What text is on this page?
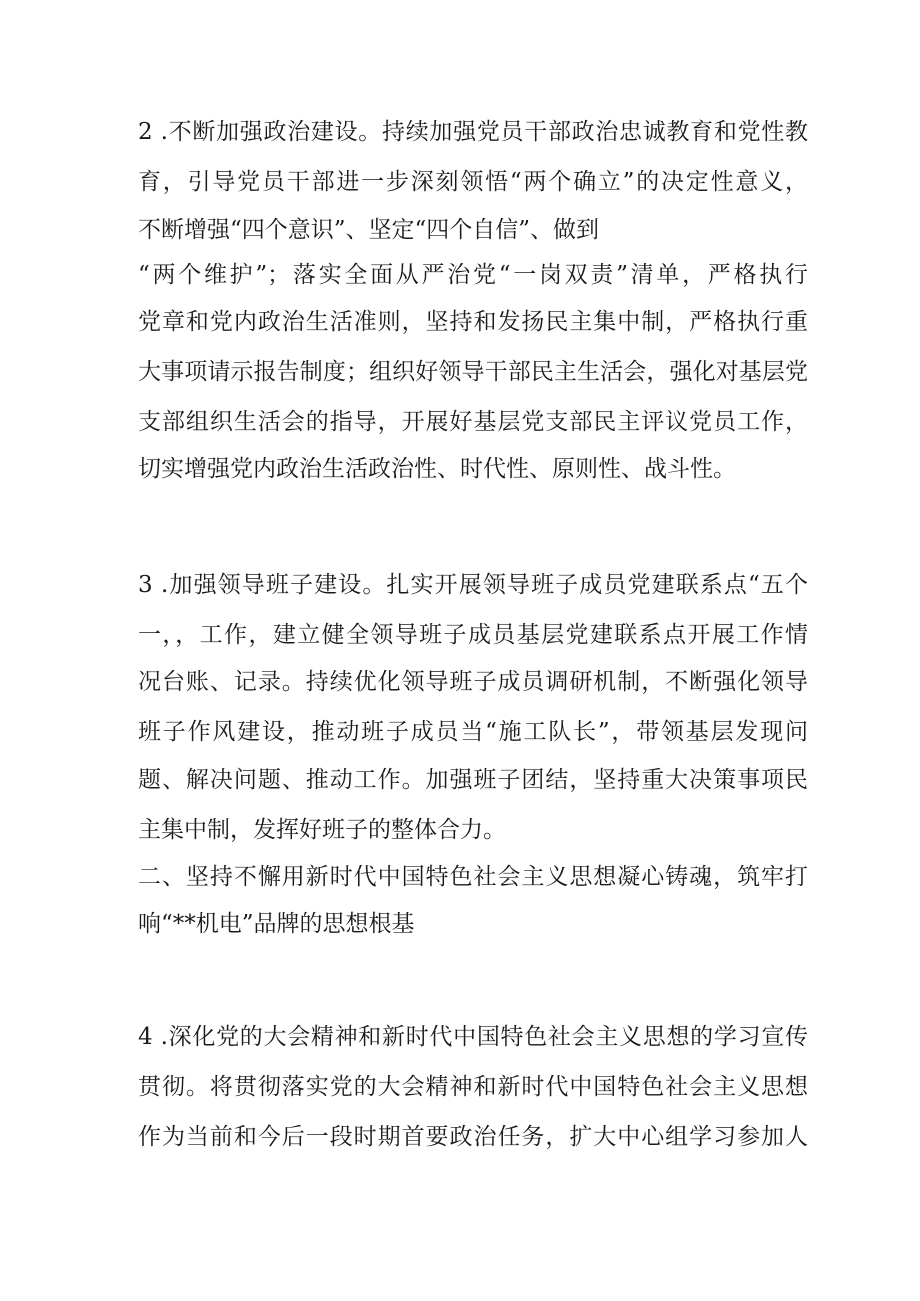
2 .不断加强政治建设。持续加强党员干部政治忠诚教育和党性教
育，引导党员干部进一步深刻领悟“两个确立”的决定性意义，
不断增强“四个意识”、坚定“四个自信”、做到
“两个维护”；落实全面从严治党“一岗双责”清单，严格执行
党章和党内政治生活准则，坚持和发扬民主集中制，严格执行重
大事项请示报告制度；组织好领导干部民主生活会，强化对基层党
支部组织生活会的指导，开展好基层党支部民主评议党员工作，
切实增强党内政治生活政治性、时代性、原则性、战斗性。
3 .加强领导班子建设。扎实开展领导班子成员党建联系点“五个
一，，工作，建立健全领导班子成员基层党建联系点开展工作情
况台账、记录。持续优化领导班子成员调研机制，不断强化领导
班子作风建设，推动班子成员当“施工队长”，带领基层发现问
题、解决问题、推动工作。加强班子团结，坚持重大决策事项民
主集中制，发挥好班子的整体合力。
二、坚持不懈用新时代中国特色社会主义思想凝心铸魂，筑牢打
响“**机电”品牌的思想根基
4 .深化党的大会精神和新时代中国特色社会主义思想的学习宣传
贯彻。将贯彻落实党的大会精神和新时代中国特色社会主义思想
作为当前和今后一段时期首要政治任务，扩大中心组学习参加人
